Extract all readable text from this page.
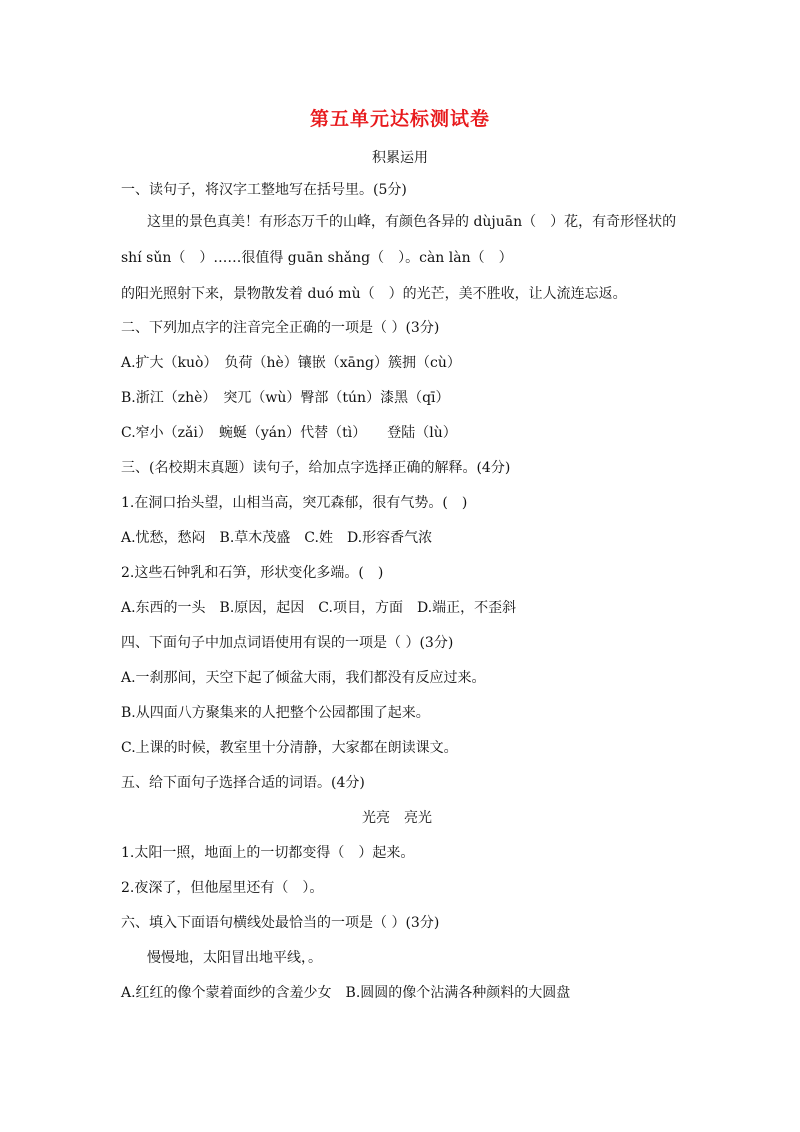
第五单元达标测试卷
积累运用
一、读句子，将汉字工整地写在括号里。(5分)
这里的景色真美！有形态万千的山峰，有颜色各异的 dùjuān（　）花，有奇形怪状的
shí sǔn（　）……很值得 guān shǎng（　）。càn làn（　）
的阳光照射下来，景物散发着 duó mù（　）的光芒，美不胜收，让人流连忘返。
二、下列加点字的注音完全正确的一项是（ ）(3分)
A.扩大（kuò）　负荷（hè）镶嵌（xāng）簇拥（cù）
B.浙江（zhè）　突兀（wù）臀部（tún）漆黑（qī）
C.窄小（zǎi）　蜿蜒（yán）代替（tì）　　登陆（lù）
三、(名校期末真题）读句子，给加点字选择正确的解释。(4分)
1.在洞口抬头望，山相当高，突兀森郁，很有气势。(　)
A.忧愁，愁闷　B.草木茂盛　C.姓　D.形容香气浓
2.这些石钟乳和石笋，形状变化多端。(　)
A.东西的一头　B.原因，起因　C.项目，方面　D.端正，不歪斜
四、下面句子中加点词语使用有误的一项是（ ）(3分)
A.一刹那间，天空下起了倾盆大雨，我们都没有反应过来。
B.从四面八方聚集来的人把整个公园都围了起来。
C.上课的时候，教室里十分清静，大家都在朗读课文。
五、给下面句子选择合适的词语。(4分)
光亮　亮光
1.太阳一照，地面上的一切都变得（　）起来。
2.夜深了，但他屋里还有（　）。
六、填入下面语句横线处最恰当的一项是（ ）(3分)
慢慢地，太阳冒出地平线，。
A.红红的像个蒙着面纱的含羞少女　B.圆圆的像个沾满各种颜料的大圆盘
